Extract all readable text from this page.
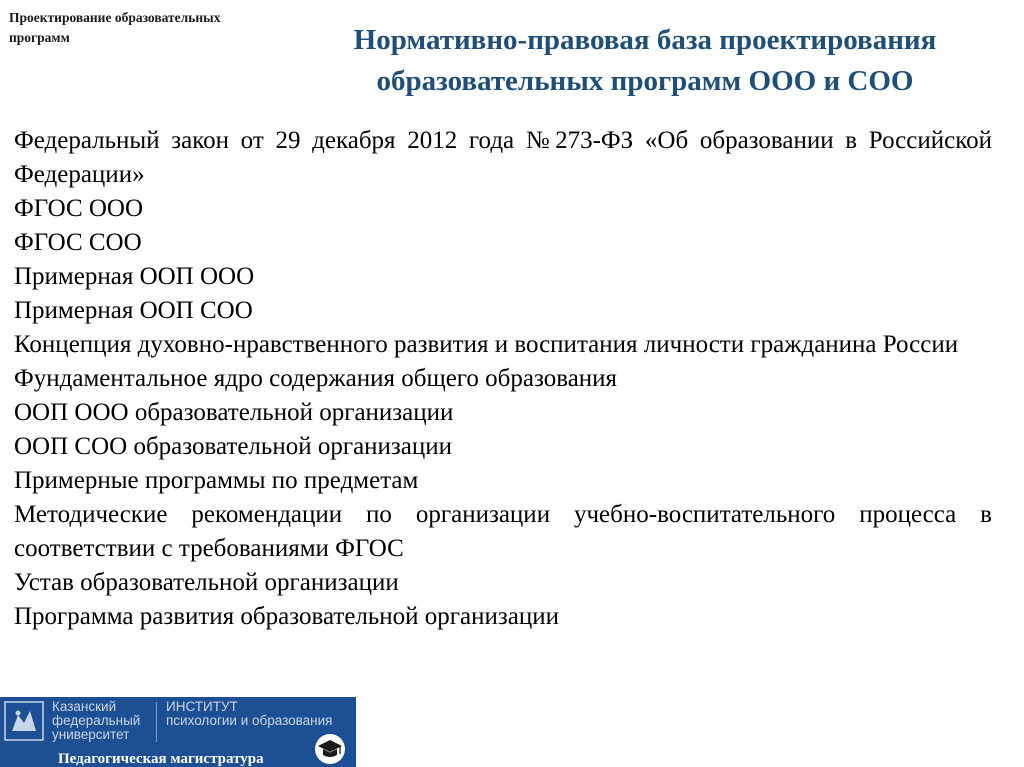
Проектирование образовательных
программ	Нормативно-правовая база проектирования
образовательных программ ООО и СОО
Федеральный закон от 29 декабря 2012 года №273-ФЗ «Об образовании в Российской Федерации»
ФГОС ООО
ФГОС СОО
Примерная ООП ООО
Примерная ООП СОО
Концепция духовно-нравственного развития и воспитания личности гражданина России
Фундаментальное ядро содержания общего образования
ООП ООО образовательной организации
ООП СОО образовательной организации
Примерные программы по предметам
Методические рекомендации по организации учебно-воспитательного процесса в соответствии с требованиями ФГОС
Устав образовательной организации
Программа развития образовательной организации
Казанский
федеральный
университет
ИНСТИТУТ
психологии и образования
Педагогическая магистратура
